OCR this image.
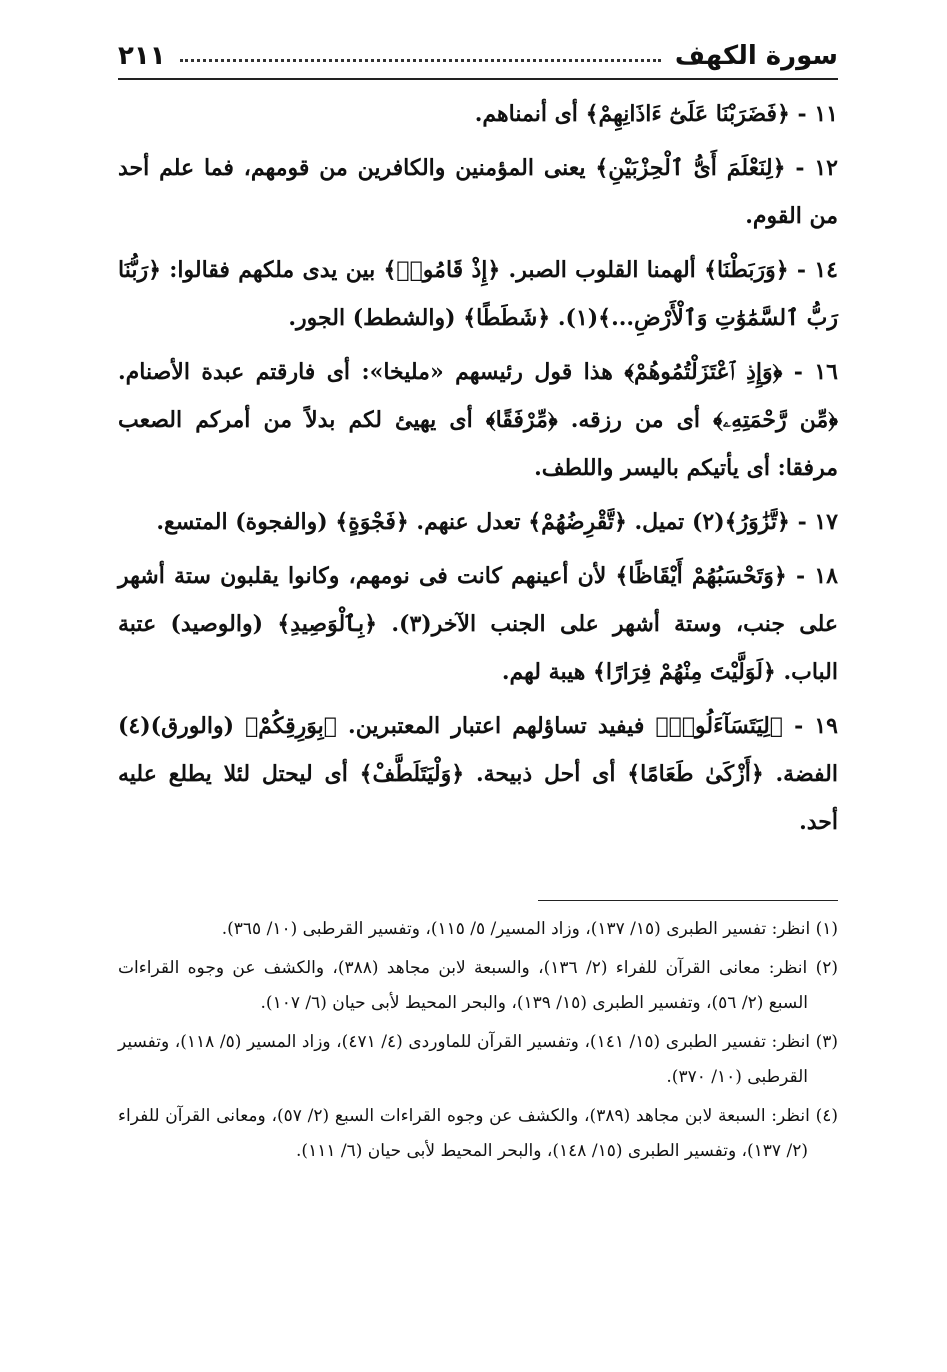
سورة الكهف
٢١١

١١ - ﴿فَضَرَبْنَا عَلَىٰٓ ءَاذَانِهِمْ﴾ أى أنمناهم.

١٢ - ﴿لِنَعْلَمَ أَىُّ ٱلْحِزْبَيْنِ﴾ يعنى المؤمنين والكافرين من قومهم، فما علم أحد من القوم.

١٤ - ﴿وَرَبَطْنَا﴾ ألهمنا القلوب الصبر. ﴿إِذْ قَامُوا۟﴾ بين يدى ملكهم فقالوا: ﴿رَبُّنَا رَبُّ ٱلسَّمَٰوَٰتِ وَٱلْأَرْضِ...﴾(١). ﴿شَطَطًا﴾ (والشطط) الجور.

١٦ - ﴿وَإِذِ ٱعْتَزَلْتُمُوهُمْ﴾ هذا قول رئيسهم «مليخا»: أى فارقتم عبدة الأصنام. ﴿مِّن رَّحْمَتِهِۦ﴾ أى من رزقه. ﴿مِّرْفَقًا﴾ أى يهيئ لكم بدلاً من أمركم الصعب مرفقا: أى يأتيكم باليسر واللطف.

١٧ - ﴿تَّزَٰوَرُ﴾(٢) تميل. ﴿تَّقْرِضُهُمْ﴾ تعدل عنهم. ﴿فَجْوَةٍ﴾ (والفجوة) المتسع.

١٨ - ﴿وَتَحْسَبُهُمْ أَيْقَاظًا﴾ لأن أعينهم كانت فى نومهم، وكانوا يقلبون ستة أشهر على جنب، وستة أشهر على الجنب الآخر(٣). ﴿بِٱلْوَصِيدِ﴾ (والوصيد) عتبة الباب. ﴿لَوَلَّيْتَ مِنْهُمْ فِرَارًا﴾ هيبة لهم.

١٩ - ﴿لِيَتَسَآءَلُوا۟﴾ فيفيد تساؤلهم اعتبار المعتبرين. ﴿بِوَرِقِكُمْ﴾ (والورق)(٤) الفضة. ﴿أَزْكَىٰ طَعَامًا﴾ أى أحل ذبيحة. ﴿وَلْيَتَلَطَّفْ﴾ أى ليحتل لئلا يطلع عليه أحد.

(١) انظر: تفسير الطبرى (١٥/ ١٣٧)، وزاد المسير/ ٥/ ١١٥)، وتفسير القرطبى (١٠/ ٣٦٥).

(٢) انظر: معانى القرآن للفراء (٢/ ١٣٦)، والسبعة لابن مجاهد (٣٨٨)، والكشف عن وجوه القراءات السبع (٢/ ٥٦)، وتفسير الطبرى (١٥/ ١٣٩)، والبحر المحيط لأبى حيان (٦/ ١٠٧).

(٣) انظر: تفسير الطبرى (١٥/ ١٤١)، وتفسير القرآن للماوردى (٤/ ٤٧١)، وزاد المسير (٥/ ١١٨)، وتفسير القرطبى (١٠/ ٣٧٠).

(٤) انظر: السبعة لابن مجاهد (٣٨٩)، والكشف عن وجوه القراءات السبع (٢/ ٥٧)، ومعانى القرآن للفراء (٢/ ١٣٧)، وتفسير الطبرى (١٥/ ١٤٨)، والبحر المحيط لأبى حيان (٦/ ١١١).
